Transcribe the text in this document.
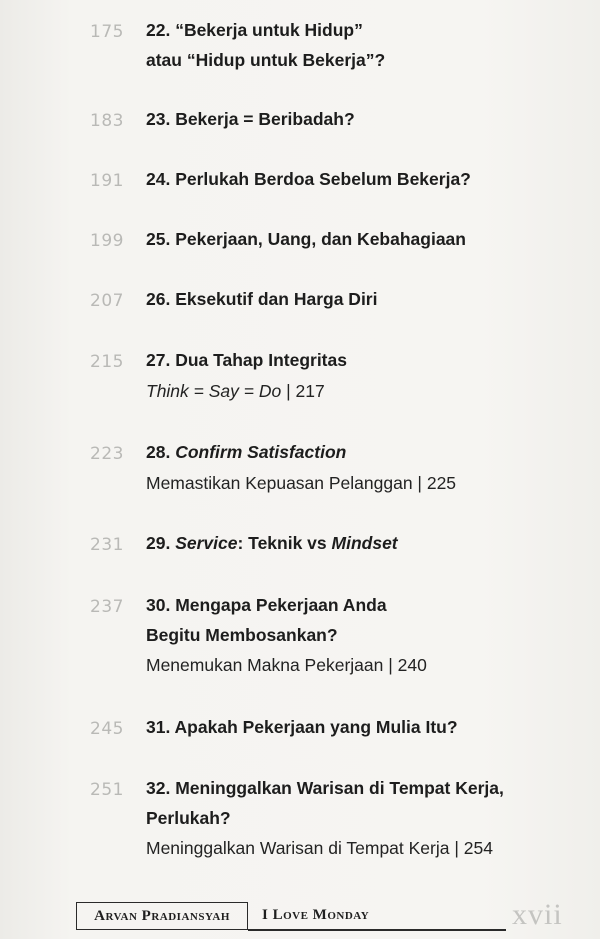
175 22. “Bekerja untuk Hidup”
atau “Hidup untuk Bekerja”?
183 23. Bekerja = Beribadah?
191 24. Perlukah Berdoa Sebelum Bekerja?
199 25. Pekerjaan, Uang, dan Kebahagiaan
207 26. Eksekutif dan Harga Diri
215 27. Dua Tahap Integritas
Think = Say = Do | 217
223 28. Confirm Satisfaction
Memastikan Kepuasan Pelanggan | 225
231 29. Service: Teknik vs Mindset
237 30. Mengapa Pekerjaan Anda
Begitu Membosankan?
Menemukan Makna Pekerjaan | 240
245 31. Apakah Pekerjaan yang Mulia Itu?
251 32. Meninggalkan Warisan di Tempat Kerja,
Perlukah?
Meninggalkan Warisan di Tempat Kerja | 254
Arvan Pradiansyah I Love Monday	xvii
